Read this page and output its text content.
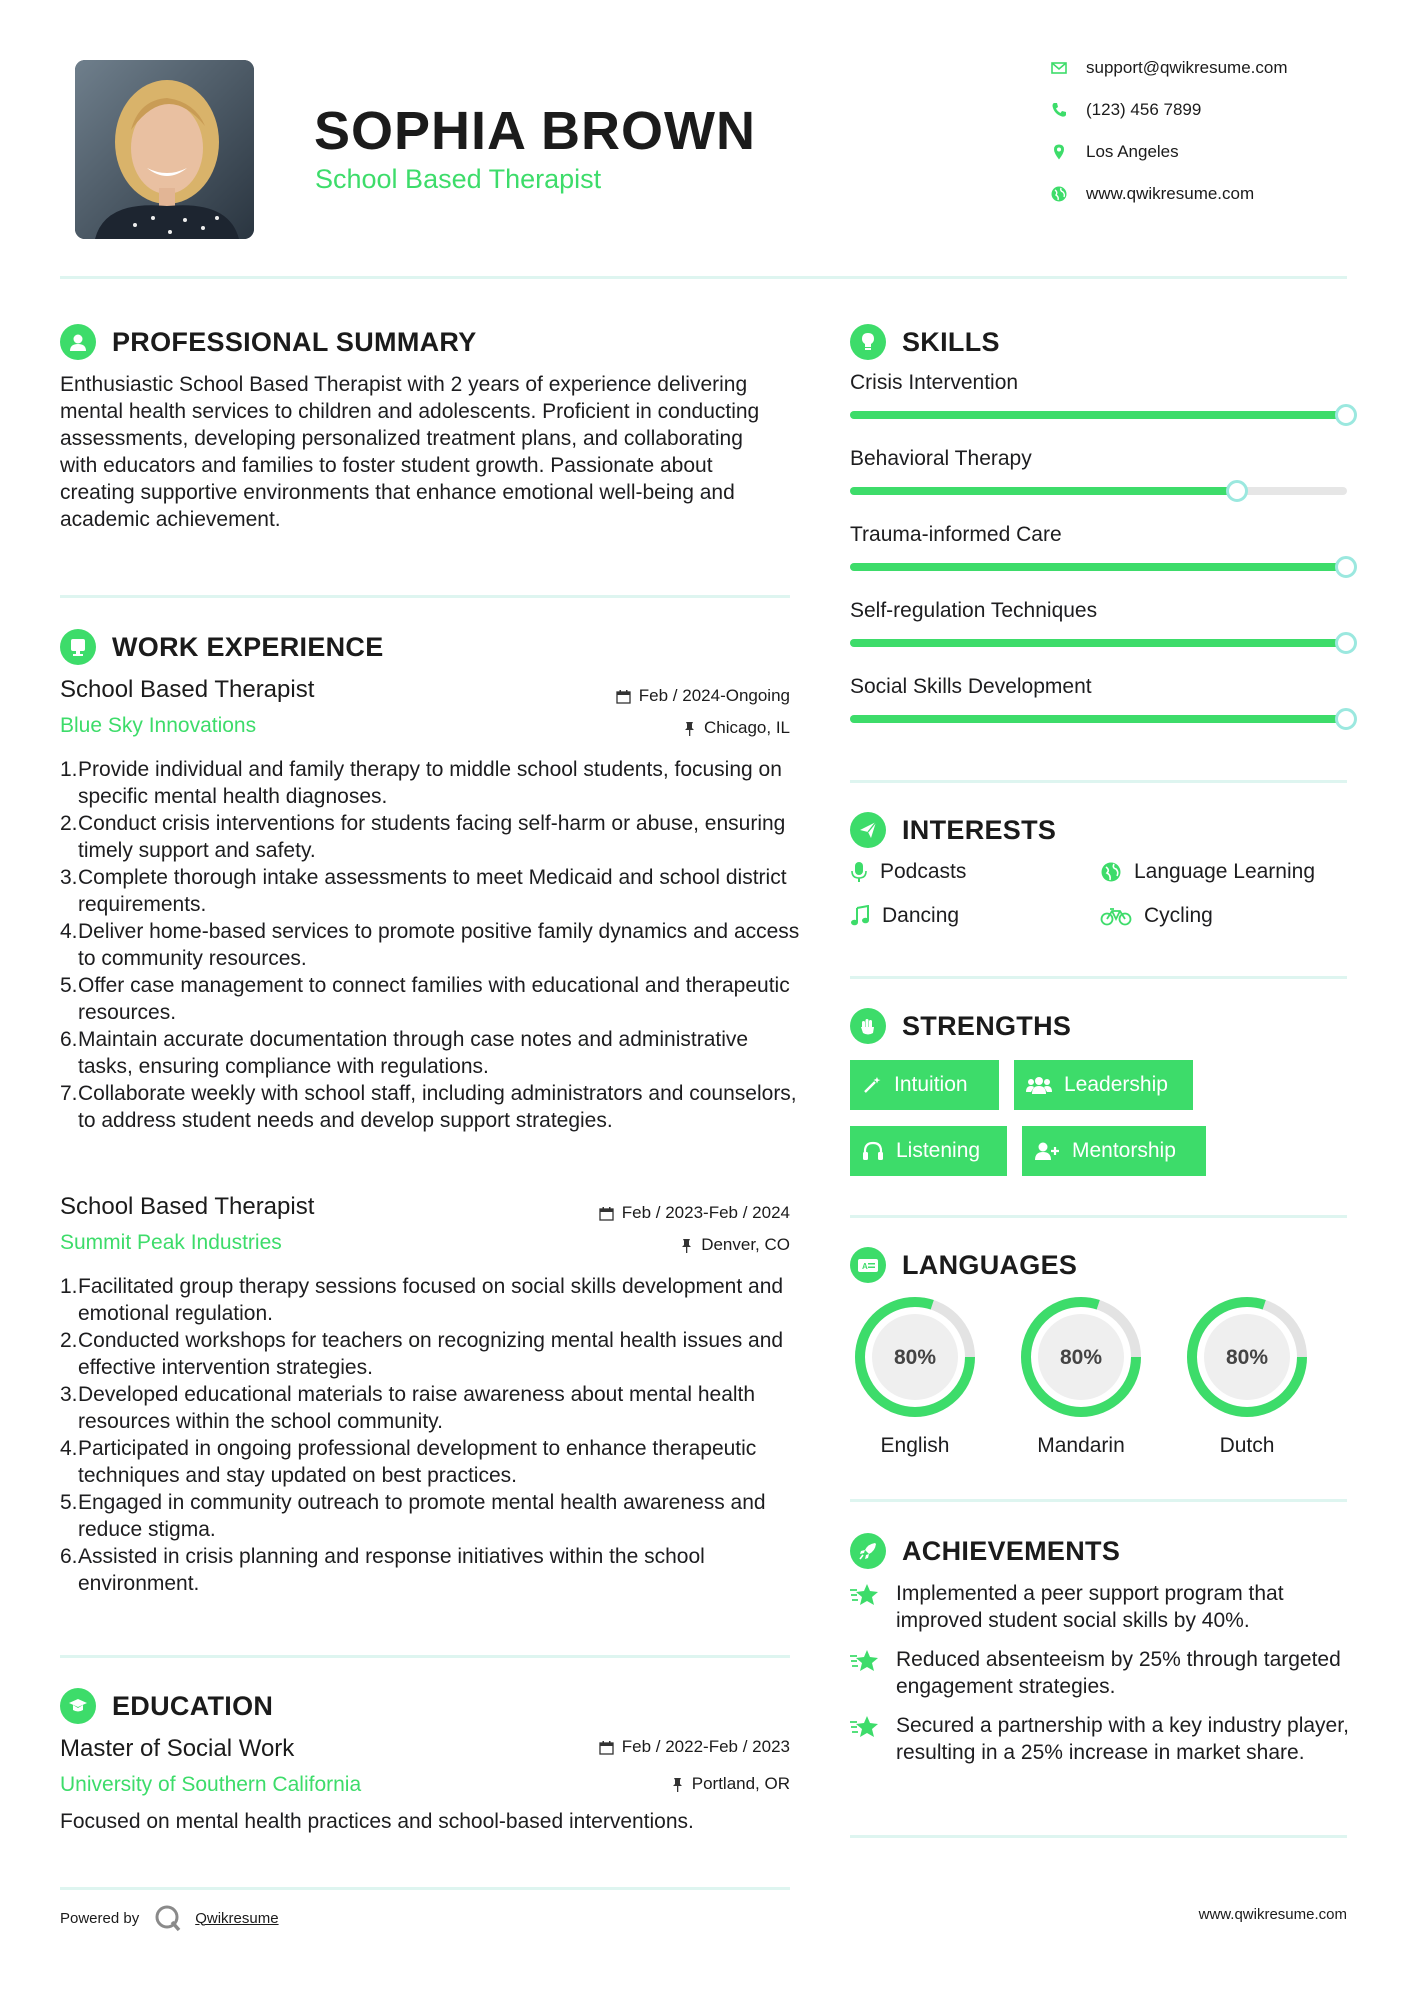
SOPHIA BROWN
School Based Therapist
support@qwikresume.com
(123) 456 7899
Los Angeles
www.qwikresume.com
PROFESSIONAL SUMMARY
Enthusiastic School Based Therapist with 2 years of experience delivering mental health services to children and adolescents. Proficient in conducting assessments, developing personalized treatment plans, and collaborating with educators and families to foster student growth. Passionate about creating supportive environments that enhance emotional well-being and academic achievement.
WORK EXPERIENCE
School Based Therapist	Feb / 2024-Ongoing
Blue Sky Innovations	Chicago, IL
1. Provide individual and family therapy to middle school students, focusing on specific mental health diagnoses.
2. Conduct crisis interventions for students facing self-harm or abuse, ensuring timely support and safety.
3. Complete thorough intake assessments to meet Medicaid and school district requirements.
4. Deliver home-based services to promote positive family dynamics and access to community resources.
5. Offer case management to connect families with educational and therapeutic resources.
6. Maintain accurate documentation through case notes and administrative tasks, ensuring compliance with regulations.
7. Collaborate weekly with school staff, including administrators and counselors, to address student needs and develop support strategies.
School Based Therapist	Feb / 2023-Feb / 2024
Summit Peak Industries	Denver, CO
1. Facilitated group therapy sessions focused on social skills development and emotional regulation.
2. Conducted workshops for teachers on recognizing mental health issues and effective intervention strategies.
3. Developed educational materials to raise awareness about mental health resources within the school community.
4. Participated in ongoing professional development to enhance therapeutic techniques and stay updated on best practices.
5. Engaged in community outreach to promote mental health awareness and reduce stigma.
6. Assisted in crisis planning and response initiatives within the school environment.
EDUCATION
Master of Social Work	Feb / 2022-Feb / 2023
University of Southern California	Portland, OR
Focused on mental health practices and school-based interventions.
SKILLS
Crisis Intervention
Behavioral Therapy
Trauma-informed Care
Self-regulation Techniques
Social Skills Development
INTERESTS
Podcasts	Language Learning
Dancing	Cycling
STRENGTHS
Intuition	Leadership
Listening	Mentorship
A LANGUAGES
80%
English
80%
Mandarin
80%
Dutch
ACHIEVEMENTS
Implemented a peer support program that improved student social skills by 40%.
Reduced absenteeism by 25% through targeted engagement strategies.
Secured a partnership with a key industry player, resulting in a 25% increase in market share.
Powered by	Qwikresume	www.qwikresume.com
